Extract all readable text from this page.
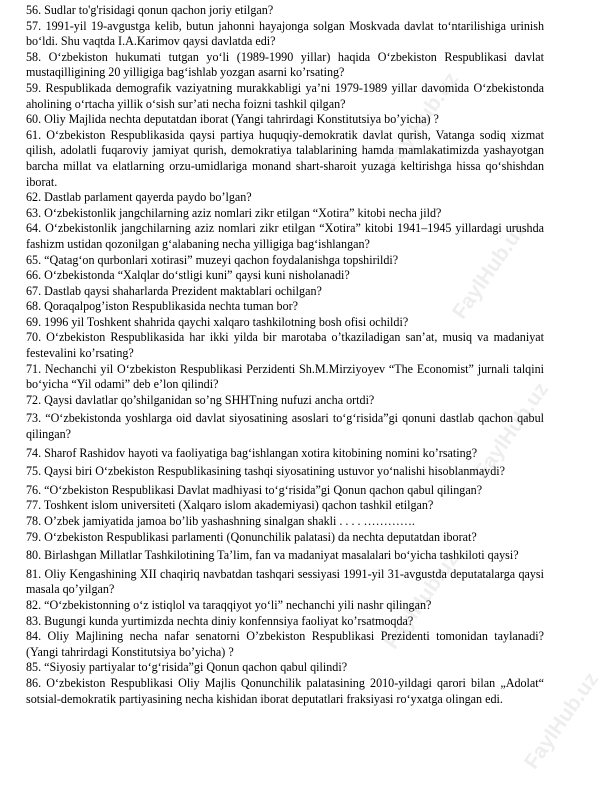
FaylHub.uz
FaylHub.uz
FaylHub.uz
FaylHub.uz
FaylHub.uz

56. Sudlar to'g'risidagi qonun qachon joriy etilgan?

57. 1991-yil 19-avgustga kelib, butun jahonni hayajonga solgan Moskvada davlat to‘ntarilishiga urinish bo‘ldi. Shu vaqtda I.A.Karimov qaysi davlatda edi?

58. O‘zbekiston hukumati tutgan yo‘li (1989-1990 yillar) haqida O‘zbekiston Respublikasi davlat mustaqilligining 20 yilligiga bag‘ishlab yozgan asarni ko’rsating?

59. Respublikada demografik vaziyatning murakkabligi ya’ni 1979-1989 yillar davomida O‘zbekistonda aholining o‘rtacha yillik o‘sish sur’ati necha foizni tashkil qilgan?

60. Oliy Majlida nechta deputatdan iborat (Yangi tahrirdagi Konstitutsiya bo’yicha) ?

61. O‘zbekiston Respublikasida qaysi partiya huquqiy-demokratik davlat qurish, Vatanga sodiq xizmat qilish, adolatli fuqaroviy jamiyat qurish, demokratiya talablarining hamda mamlakatimizda yashayotgan barcha millat va elatlarning orzu-umidlariga monand shart-sharoit yuzaga keltirishga hissa qo‘shishdan iborat.

62. Dastlab parlament qayerda paydo bo’lgan?

63. O‘zbekistonlik jangchilarning aziz nomlari zikr etilgan “Xotira” kitobi necha jild?

64. O‘zbekistonlik jangchilarning aziz nomlari zikr etilgan “Xotira” kitobi 1941–1945 yillardagi urushda fashizm ustidan qozonilgan g‘alabaning necha yilligiga bag‘ishlangan?

65. “Qatag‘on qurbonlari xotirasi” muzeyi qachon foydalanishga topshirildi?

66. O‘zbekistonda “Xalqlar do‘stligi kuni” qaysi kuni nisholanadi?

67. Dastlab qaysi shaharlarda Prezident maktablari ochilgan?

68. Qoraqalpog’iston Respublikasida nechta tuman bor?

69. 1996 yil Toshkent shahrida qaychi xalqaro tashkilotning bosh ofisi ochildi?

70. O‘zbekiston Respublikasida har ikki yilda bir marotaba o’tkaziladigan san’at, musiq va madaniyat festevalini ko’rsating?

71. Nechanchi yil O‘zbekiston Respublikasi Perzidenti Sh.M.Mirziyoyev “The Economist” jurnali talqini bo‘yicha “Yil odami” deb e’lon qilindi?

72. Qaysi davlatlar qo’shilganidan so’ng SHHTning nufuzi ancha ortdi?

73. “O‘zbekistonda yoshlarga oid davlat siyosatining asoslari to‘g‘risida”gi qonuni dastlab qachon qabul qilingan?

74. Sharof Rashidov hayoti va faoliyatiga bag‘ishlangan xotira kitobining nomini ko’rsating?

75. Qaysi biri O‘zbekiston Respublikasining tashqi siyosatining ustuvor yo‘nalishi hisoblanmaydi?

76. “O‘zbekiston Respublikasi Davlat madhiyasi to‘g‘risida”gi Qonun qachon qabul qilingan?

77. Toshkent islom universiteti (Xalqaro islom akademiyasi) qachon tashkil etilgan?

78. O’zbek jamiyatida jamoa bo’lib yashashning sinalgan shakli . . . . ………….

79. O‘zbekiston Respublikasi parlamenti (Qonunchilik palatasi) da nechta deputatdan iborat?

80. Birlashgan Millatlar Tashkilotining Ta’lim, fan va madaniyat masalalari bo‘yicha tashkiloti qaysi?

81. Oliy Kengashining XII chaqiriq navbatdan tashqari sessiyasi 1991-yil 31-avgustda deputatalarga qaysi masala qo’yilgan?

82. “O‘zbekistonning o‘z istiqlol va taraqqiyot yo‘li” nechanchi yili nashr qilingan?

83. Bugungi kunda yurtimizda nechta diniy konfennsiya faoliyat ko’rsatmoqda?

84. Oliy Majlining necha nafar senatorni O’zbekiston Respublikasi Prezidenti tomonidan taylanadi? (Yangi tahrirdagi Konstitutsiya bo’yicha) ?

85. “Siyosiy partiyalar to‘g‘risida”gi Qonun qachon qabul qilindi?

86. O‘zbekiston Respublikasi Oliy Majlis Qonunchilik palatasining 2010-yildagi qarori bilan „Adolat“ sotsial-demokratik partiyasining necha kishidan iborat deputatlari fraksiyasi ro‘yxatga olingan edi.
